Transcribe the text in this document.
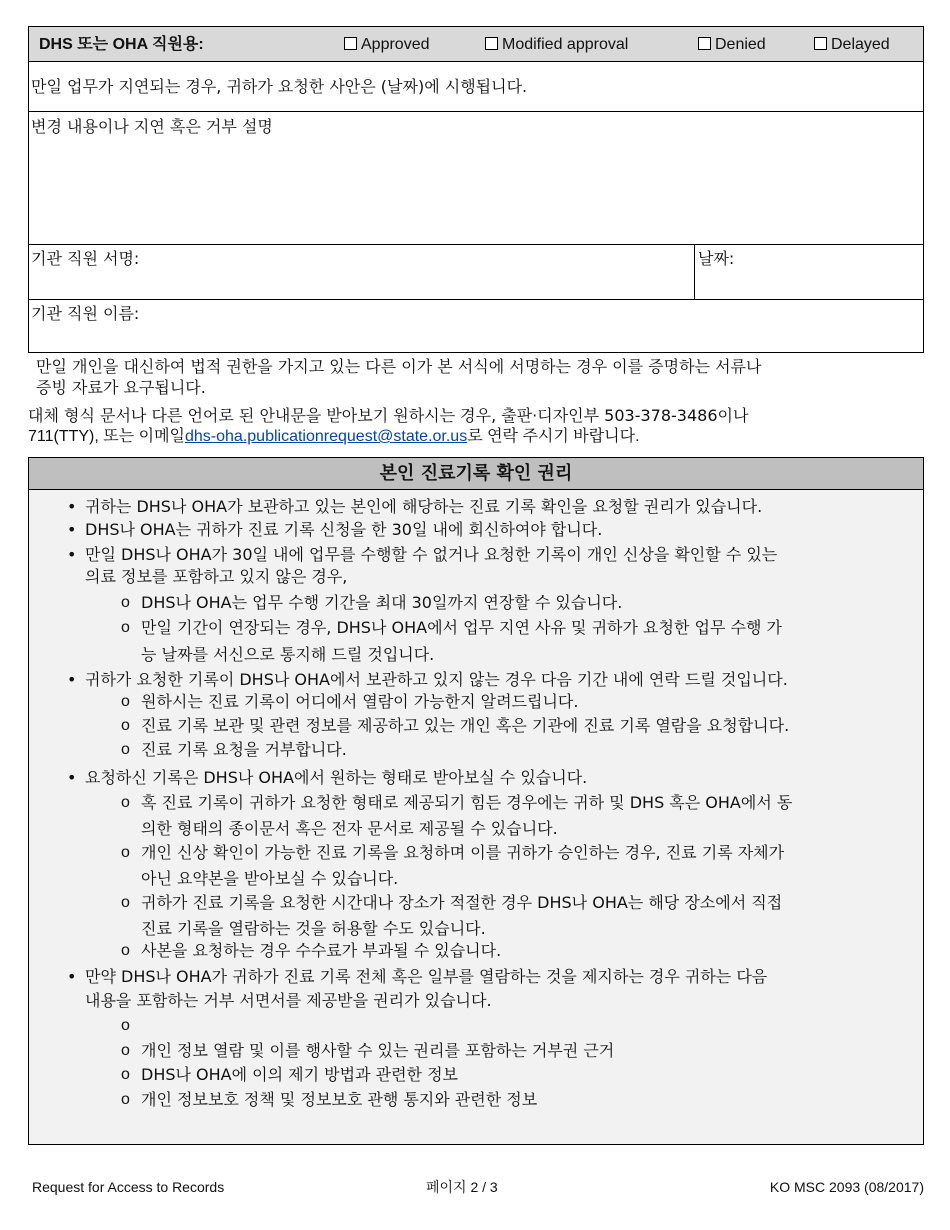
DHS 또는 OHA 직원용:	Approved	Modified approval	Denied	Delayed
만일 업무가 지연되는 경우, 귀하가 요청한 사안은 (날짜)에 시행됩니다.
변경 내용이나 지연 혹은 거부 설명
기관 직원 서명:	날짜:
기관 직원 이름:
만일 개인을 대신하여 법적 권한을 가지고 있는 다른 이가 본 서식에 서명하는 경우 이를 증명하는 서류나
증빙 자료가 요구됩니다.
대체 형식 문서나 다른 언어로 된 안내문을 받아보기 원하시는 경우, 출판·디자인부 503-378-3486이나
711(TTY), 또는 이메일dhs-oha.publicationrequest@state.or.us로 연락 주시기 바랍니다.
본인 진료기록 확인 권리
• 귀하는 DHS나 OHA가 보관하고 있는 본인에 해당하는 진료 기록 확인을 요청할 권리가 있습니다.
• DHS나 OHA는 귀하가 진료 기록 신청을 한 30일 내에 회신하여야 합니다.
• 만일 DHS나 OHA가 30일 내에 업무를 수행할 수 없거나 요청한 기록이 개인 신상을 확인할 수 있는
의료 정보를 포함하고 있지 않은 경우,
o DHS나 OHA는 업무 수행 기간을 최대 30일까지 연장할 수 있습니다.
o 만일 기간이 연장되는 경우, DHS나 OHA에서 업무 지연 사유 및 귀하가 요청한 업무 수행 가
능 날짜를 서신으로 통지해 드릴 것입니다.
• 귀하가 요청한 기록이 DHS나 OHA에서 보관하고 있지 않는 경우 다음 기간 내에 연락 드릴 것입니다.
o 원하시는 진료 기록이 어디에서 열람이 가능한지 알려드립니다.
o 진료 기록 보관 및 관련 정보를 제공하고 있는 개인 혹은 기관에 진료 기록 열람을 요청합니다.
o 진료 기록 요청을 거부합니다.
• 요청하신 기록은 DHS나 OHA에서 원하는 형태로 받아보실 수 있습니다.
o 혹 진료 기록이 귀하가 요청한 형태로 제공되기 힘든 경우에는 귀하 및 DHS 혹은 OHA에서 동
의한 형태의 종이문서 혹은 전자 문서로 제공될 수 있습니다.
o 개인 신상 확인이 가능한 진료 기록을 요청하며 이를 귀하가 승인하는 경우, 진료 기록 자체가
아닌 요약본을 받아보실 수 있습니다.
o 귀하가 진료 기록을 요청한 시간대나 장소가 적절한 경우 DHS나 OHA는 해당 장소에서 직접
진료 기록을 열람하는 것을 허용할 수도 있습니다.
o 사본을 요청하는 경우 수수료가 부과될 수 있습니다.
• 만약 DHS나 OHA가 귀하가 진료 기록 전체 혹은 일부를 열람하는 것을 제지하는 경우 귀하는 다음
내용을 포함하는 거부 서면서를 제공받을 권리가 있습니다.
o 개인 정보 열람 및 이를 행사할 수 있는 권리를 포함하는 거부권 근거
o DHS나 OHA에 이의 제기 방법과 관련한 정보
o 개인 정보보호 정책 및 정보보호 관행 통지와 관련한 정보
Request for Access to Records	페이지 2 / 3	KO MSC 2093 (08/2017)
